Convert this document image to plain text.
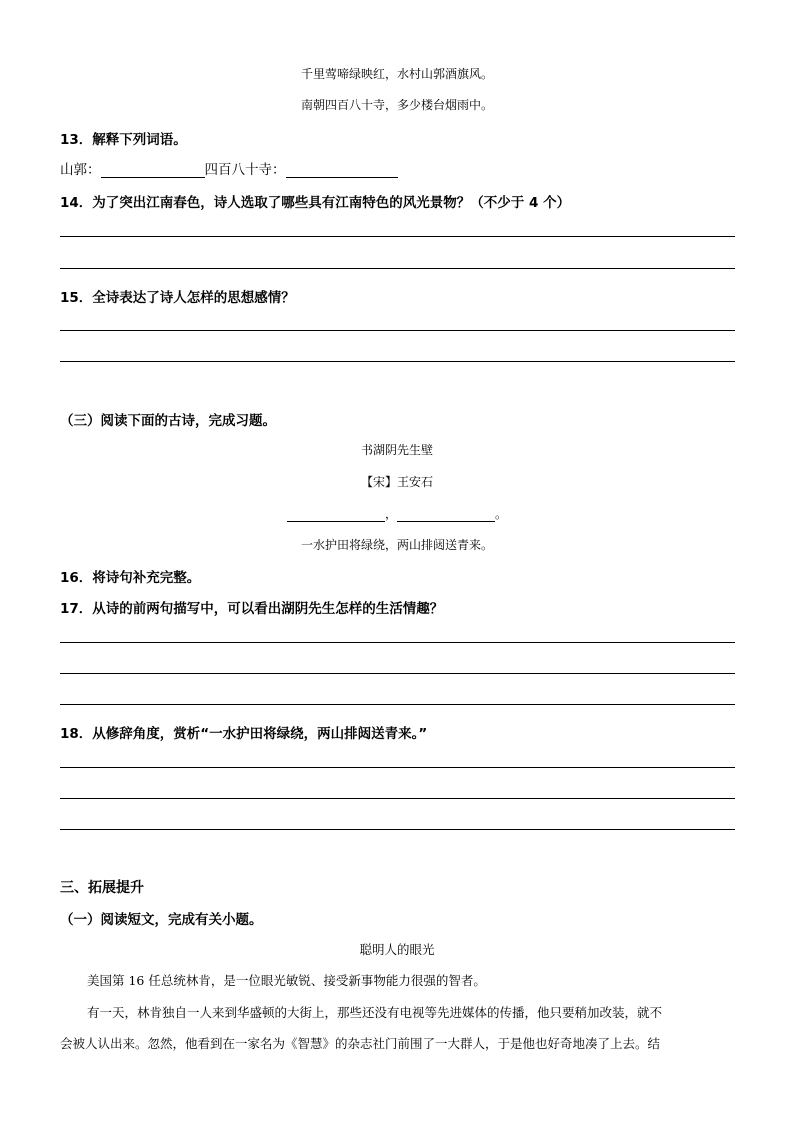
千里莺啼绿映红，水村山郭酒旗风。
南朝四百八十寺，多少楼台烟雨中。
13．解释下列词语。
山郭：	四百八十寺：
14．为了突出江南春色，诗人选取了哪些具有江南特色的风光景物？（不少于 4 个）
15．全诗表达了诗人怎样的思想感情？
（三）阅读下面的古诗，完成习题。
书湖阴先生壁
【宋】王安石
，	。
一水护田将绿绕，两山排闼送青来。
16．将诗句补充完整。
17．从诗的前两句描写中，可以看出湖阴先生怎样的生活情趣？
18．从修辞角度，赏析“一水护田将绿绕，两山排闼送青来。”
三、拓展提升
（一）阅读短文，完成有关小题。
聪明人的眼光
美国第 16 任总统林肯，是一位眼光敏锐、接受新事物能力很强的智者。
有一天，林肯独自一人来到华盛顿的大街上，那些还没有电视等先进媒体的传播，他只要稍加改装，就不
会被人认出来。忽然，他看到在一家名为《智慧》的杂志社门前围了一大群人，于是他也好奇地凑了上去。结
